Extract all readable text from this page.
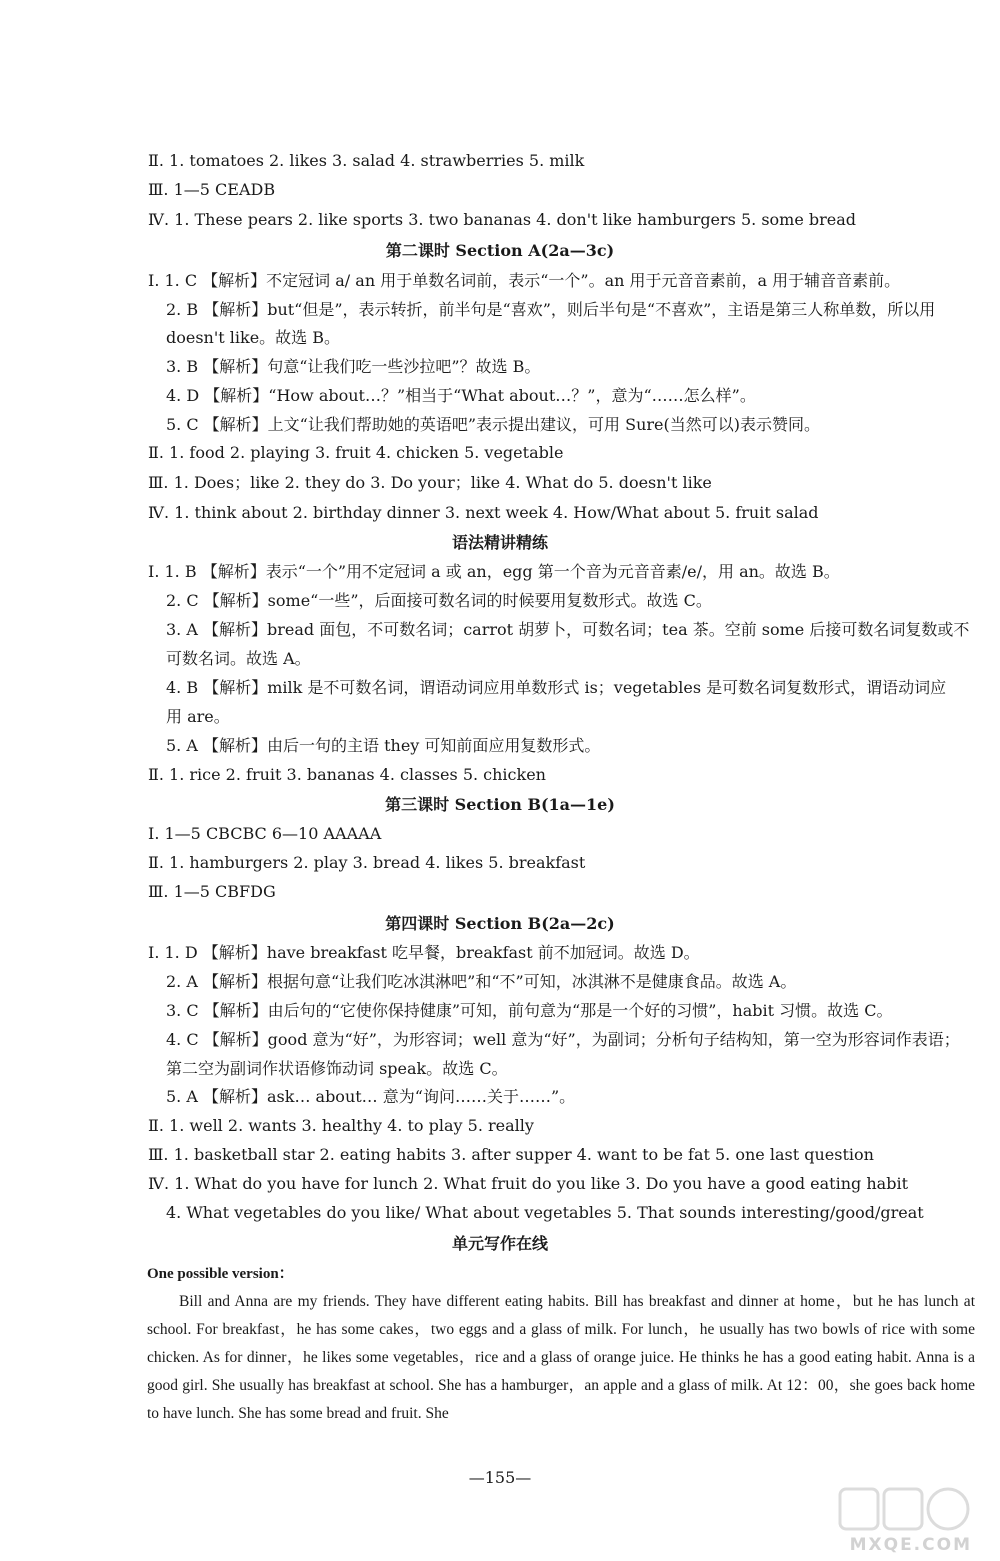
Ⅱ. 1. tomatoes 2. likes 3. salad 4. strawberries 5. milk
Ⅲ. 1—5 CEADB
Ⅳ. 1. These pears 2. like sports 3. two bananas 4. don't like hamburgers 5. some bread
Ⅰ. 1. C 【解析】不定冠词 a/ an 用于单数名词前，表示“一个”。an 用于元音音素前，a 用于辅音音素前。
2. B 【解析】but“但是”，表示转折，前半句是“喜欢”，则后半句是“不喜欢”，主语是第三人称单数，所以用
doesn't like。故选 B。
3. B 【解析】句意“让我们吃一些沙拉吧”？故选 B。
4. D 【解析】“How about…？”相当于“What about…？”，意为“……怎么样”。
5. C 【解析】上文“让我们帮助她的英语吧”表示提出建议，可用 Sure(当然可以)表示赞同。
Ⅱ. 1. food 2. playing 3. fruit 4. chicken 5. vegetable
Ⅲ. 1. Does；like 2. they do 3. Do your；like 4. What do 5. doesn't like
Ⅳ. 1. think about 2. birthday dinner 3. next week 4. How/What about 5. fruit salad
Ⅰ. 1. B 【解析】表示“一个”用不定冠词 a 或 an，egg 第一个音为元音音素/e/，用 an。故选 B。
2. C 【解析】some“一些”，后面接可数名词的时候要用复数形式。故选 C。
3. A 【解析】bread 面包，不可数名词；carrot 胡萝卜，可数名词；tea 茶。空前 some 后接可数名词复数或不
可数名词。故选 A。
4. B 【解析】milk 是不可数名词，谓语动词应用单数形式 is；vegetables 是可数名词复数形式，谓语动词应
用 are。
5. A 【解析】由后一句的主语 they 可知前面应用复数形式。
Ⅱ. 1. rice 2. fruit 3. bananas 4. classes 5. chicken
Ⅰ. 1—5 CBCBC 6—10 AAAAA
Ⅱ. 1. hamburgers 2. play 3. bread 4. likes 5. breakfast
Ⅲ. 1—5 CBFDG
Ⅰ. 1. D 【解析】have breakfast 吃早餐，breakfast 前不加冠词。故选 D。
2. A 【解析】根据句意“让我们吃冰淇淋吧”和“不”可知，冰淇淋不是健康食品。故选 A。
3. C 【解析】由后句的“它使你保持健康”可知，前句意为“那是一个好的习惯”，habit 习惯。故选 C。
4. C 【解析】good 意为“好”，为形容词；well 意为“好”，为副词；分析句子结构知，第一空为形容词作表语；
第二空为副词作状语修饰动词 speak。故选 C。
5. A 【解析】ask… about… 意为“询问……关于……”。
Ⅱ. 1. well 2. wants 3. healthy 4. to play 5. really
Ⅲ. 1. basketball star 2. eating habits 3. after supper 4. want to be fat 5. one last question
Ⅳ. 1. What do you have for lunch 2. What fruit do you like 3. Do you have a good eating habit
4. What vegetables do you like/ What about vegetables 5. That sounds interesting/good/great
第二课时 Section A(2a—3c)
语法精讲精练
第三课时 Section B(1a—1e)
第四课时 Section B(2a—2c)
单元写作在线
One possible version：
Bill and Anna are my friends. They have different eating habits. Bill has breakfast and dinner at home，but he has lunch at school. For breakfast，he has some cakes，two eggs and a glass of milk. For lunch，he usually has two bowls of rice with some chicken. As for dinner，he likes some vegetables，rice and a glass of orange juice. He thinks he has a good eating habit. Anna is a good girl. She usually has breakfast at school. She has a hamburger，an apple and a glass of milk. At 12：00，she goes back home to have lunch. She has some bread and fruit. She
—155—
MXQE.COM
